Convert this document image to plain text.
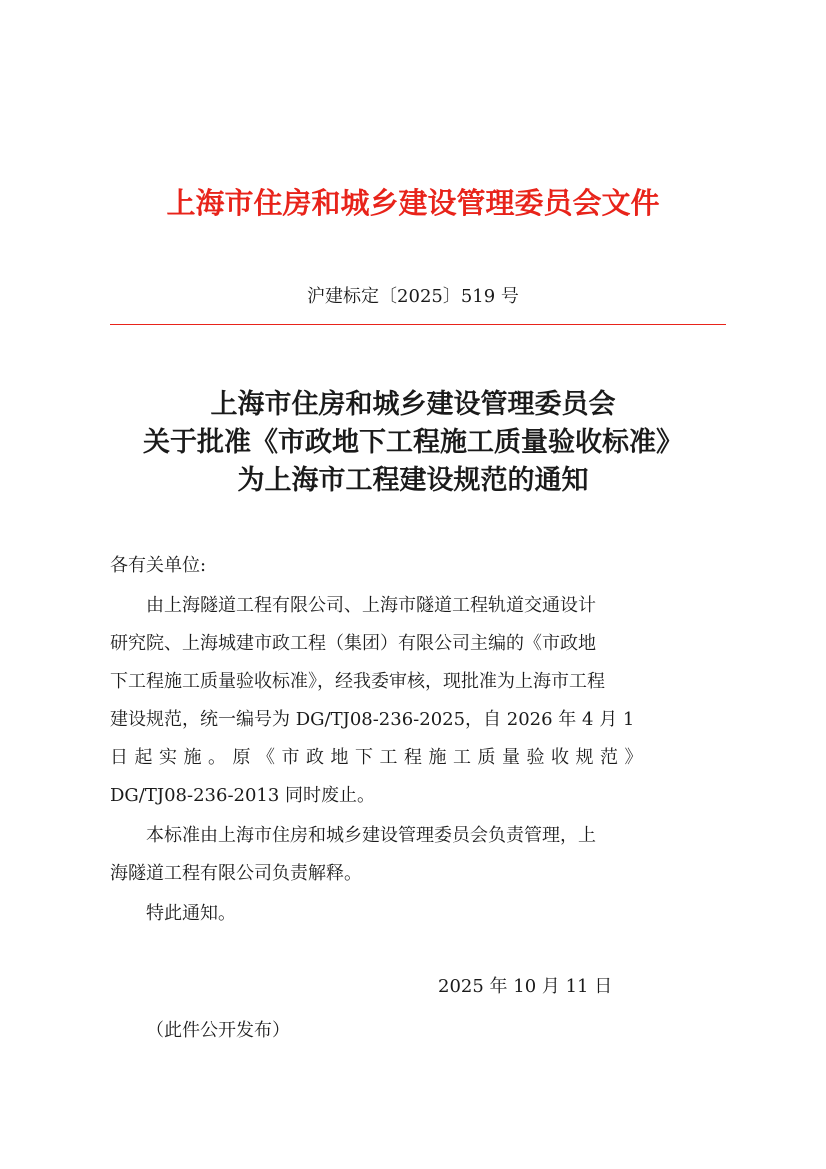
上海市住房和城乡建设管理委员会文件
沪建标定〔2025〕519 号
上海市住房和城乡建设管理委员会
关于批准《市政地下工程施工质量验收标准》
为上海市工程建设规范的通知
各有关单位:
由上海隧道工程有限公司、上海市隧道工程轨道交通设计
研究院、上海城建市政工程（集团）有限公司主编的《市政地
下工程施工质量验收标准》，经我委审核，现批准为上海市工程
建设规范，统一编号为 DG/TJ08-236-2025，自 2026 年 4 月 1
日起实施。原《市政地下工程施工质量验收规范》
DG/TJ08-236-2013 同时废止。
本标准由上海市住房和城乡建设管理委员会负责管理，上
海隧道工程有限公司负责解释。
特此通知。
2025 年 10 月 11 日
（此件公开发布）
